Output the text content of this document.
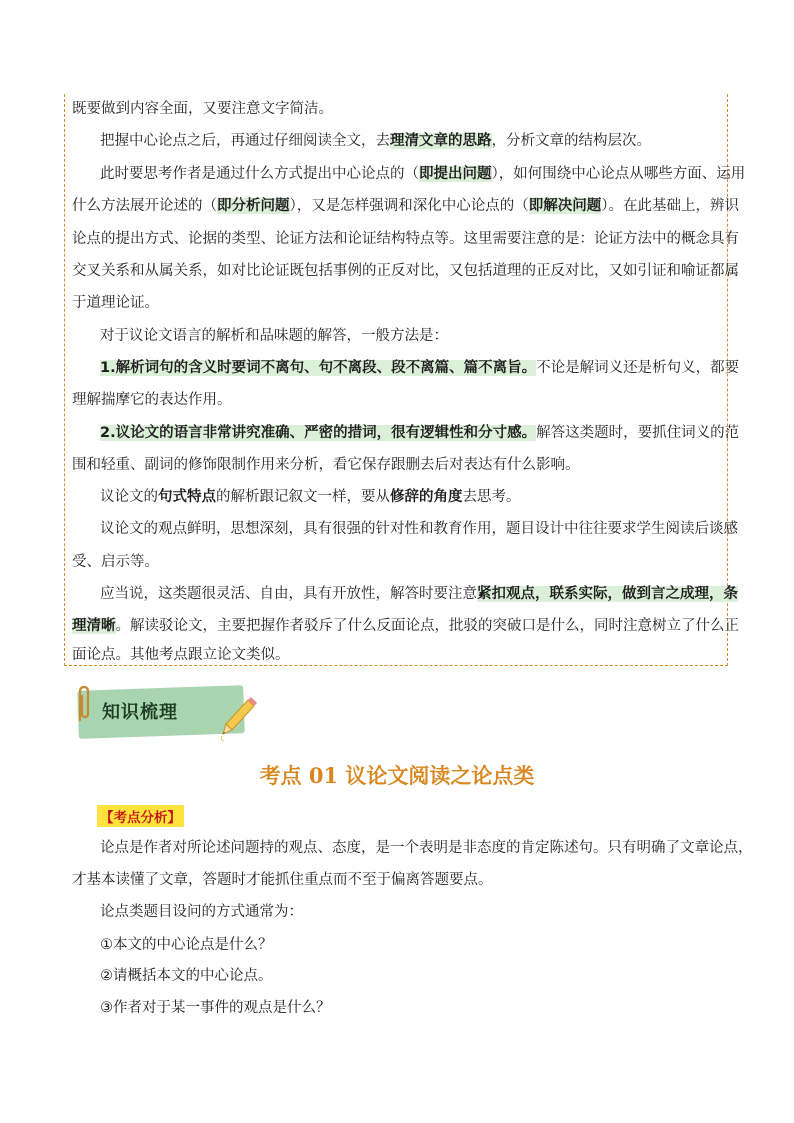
既要做到内容全面，又要注意文字简洁。
把握中心论点之后，再通过仔细阅读全文，去理清文章的思路，分析文章的结构层次。
此时要思考作者是通过什么方式提出中心论点的（即提出问题），如何围绕中心论点从哪些方面、运用
什么方法展开论述的（即分析问题），又是怎样强调和深化中心论点的（即解决问题）。在此基础上，辨识
论点的提出方式、论据的类型、论证方法和论证结构特点等。这里需要注意的是：论证方法中的概念具有
交叉关系和从属关系，如对比论证既包括事例的正反对比，又包括道理的正反对比，又如引证和喻证都属
于道理论证。
对于议论文语言的解析和品味题的解答，一般方法是：
1.解析词句的含义时要词不离句、句不离段、段不离篇、篇不离旨。不论是解词义还是析句义，都要
理解揣摩它的表达作用。
2.议论文的语言非常讲究准确、严密的措词，很有逻辑性和分寸感。解答这类题时，要抓住词义的范
围和轻重、副词的修饰限制作用来分析，看它保存跟删去后对表达有什么影响。
议论文的句式特点的解析跟记叙文一样，要从修辞的角度去思考。
议论文的观点鲜明，思想深刻，具有很强的针对性和教育作用，题目设计中往往要求学生阅读后谈感
受、启示等。
应当说，这类题很灵活、自由，具有开放性，解答时要注意紧扣观点，联系实际，做到言之成理，条
理清晰。解读驳论文，主要把握作者驳斥了什么反面论点，批驳的突破口是什么，同时注意树立了什么正
面论点。其他考点跟立论文类似。
知识梳理
考点 01 议论文阅读之论点类
【考点分析】
论点是作者对所论述问题持的观点、态度，是一个表明是非态度的肯定陈述句。只有明确了文章论点，
才基本读懂了文章，答题时才能抓住重点而不至于偏离答题要点。
论点类题目设问的方式通常为：
①本文的中心论点是什么？
②请概括本文的中心论点。
③作者对于某一事件的观点是什么？
